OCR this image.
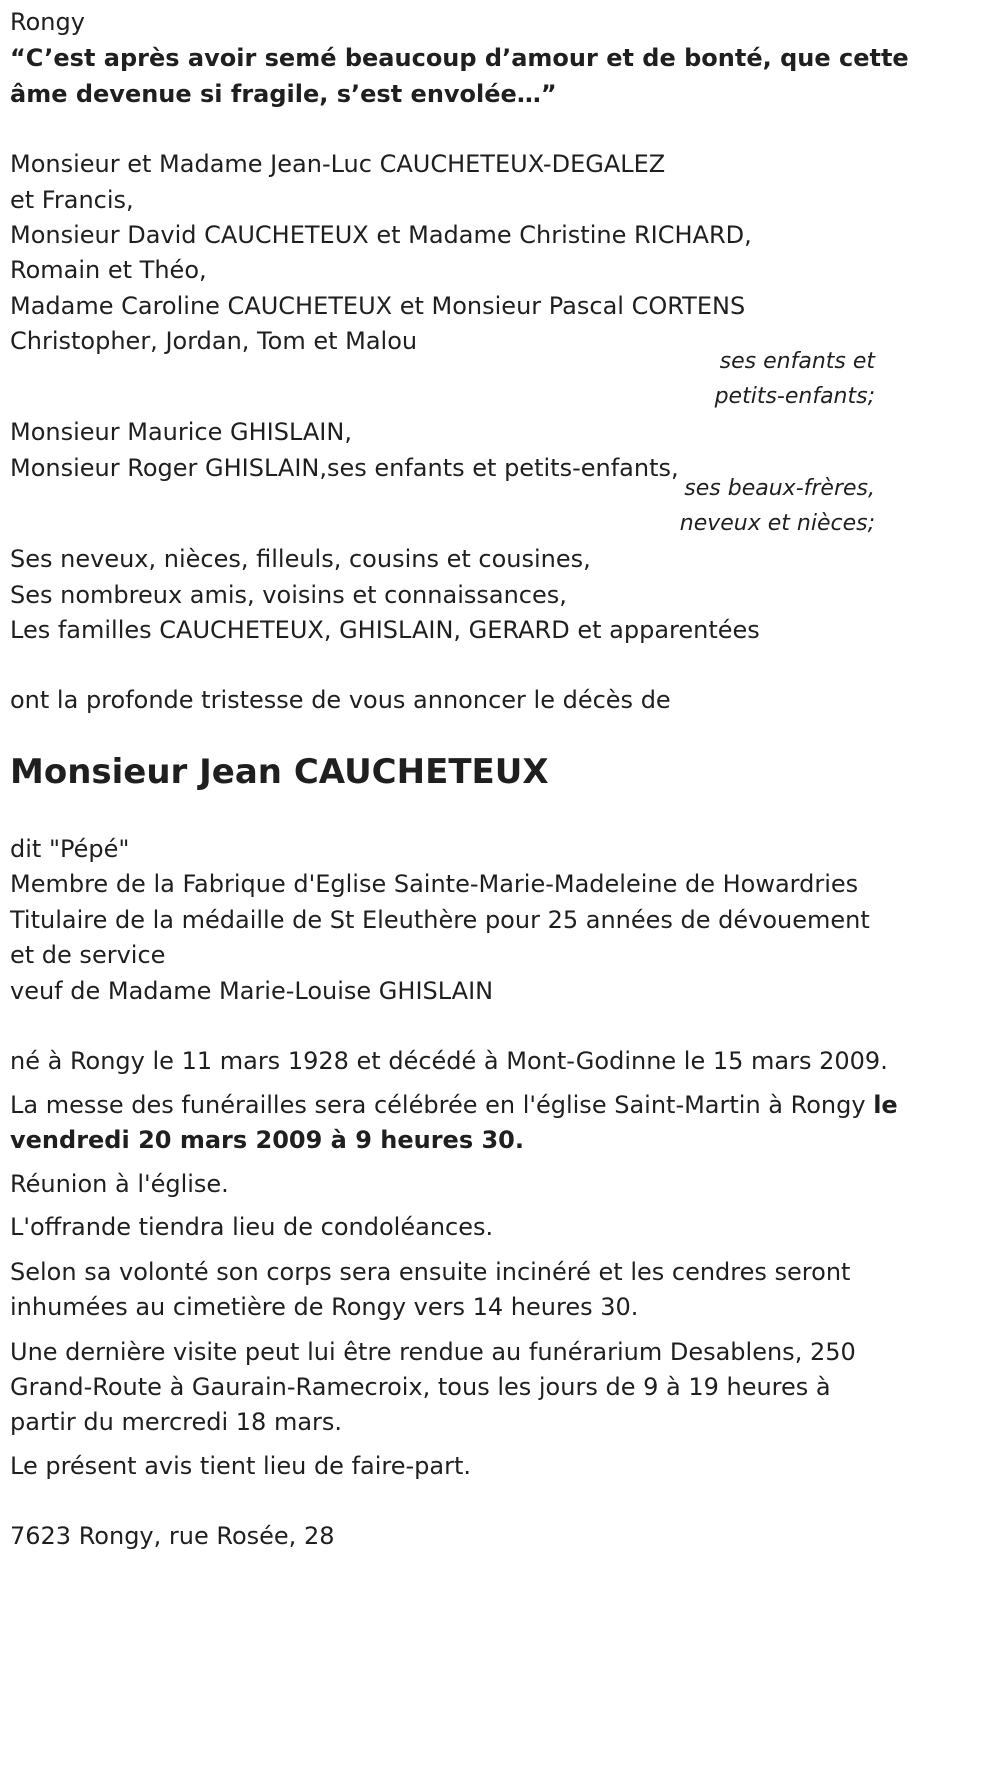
Rongy

“C’est après avoir semé beaucoup d’amour et de bonté, que cette

âme devenue si fragile, s’est envolée…”

Monsieur et Madame Jean-Luc CAUCHETEUX-DEGALEZ

et Francis,

Monsieur David CAUCHETEUX et Madame Christine RICHARD,

Romain et Théo,

Madame Caroline CAUCHETEUX et Monsieur Pascal CORTENS

Christopher, Jordan, Tom et Malou

ses enfants et
petits-enfants;

Monsieur Maurice GHISLAIN,

Monsieur Roger GHISLAIN,ses enfants et petits-enfants,

ses beaux-frères,
neveux et nièces;

Ses neveux, nièces, filleuls, cousins et cousines,

Ses nombreux amis, voisins et connaissances,

Les familles CAUCHETEUX, GHISLAIN, GERARD et apparentées

ont la profonde tristesse de vous annoncer le décès de

Monsieur Jean CAUCHETEUX

dit "Pépé"

Membre de la Fabrique d'Eglise Sainte-Marie-Madeleine de Howardries

Titulaire de la médaille de St Eleuthère pour 25 années de dévouement

et de service

veuf de Madame Marie-Louise GHISLAIN

né à Rongy le 11 mars 1928 et décédé à Mont-Godinne le 15 mars 2009.

La messe des funérailles sera célébrée en l'église Saint-Martin à Rongy le

vendredi 20 mars 2009 à 9 heures 30.

Réunion à l'église.

L'offrande tiendra lieu de condoléances.

Selon sa volonté son corps sera ensuite incinéré et les cendres seront

inhumées au cimetière de Rongy vers 14 heures 30.

Une dernière visite peut lui être rendue au funérarium Desablens, 250

Grand-Route à Gaurain-Ramecroix, tous les jours de 9 à 19 heures à

partir du mercredi 18 mars.

Le présent avis tient lieu de faire-part.

7623 Rongy, rue Rosée, 28
